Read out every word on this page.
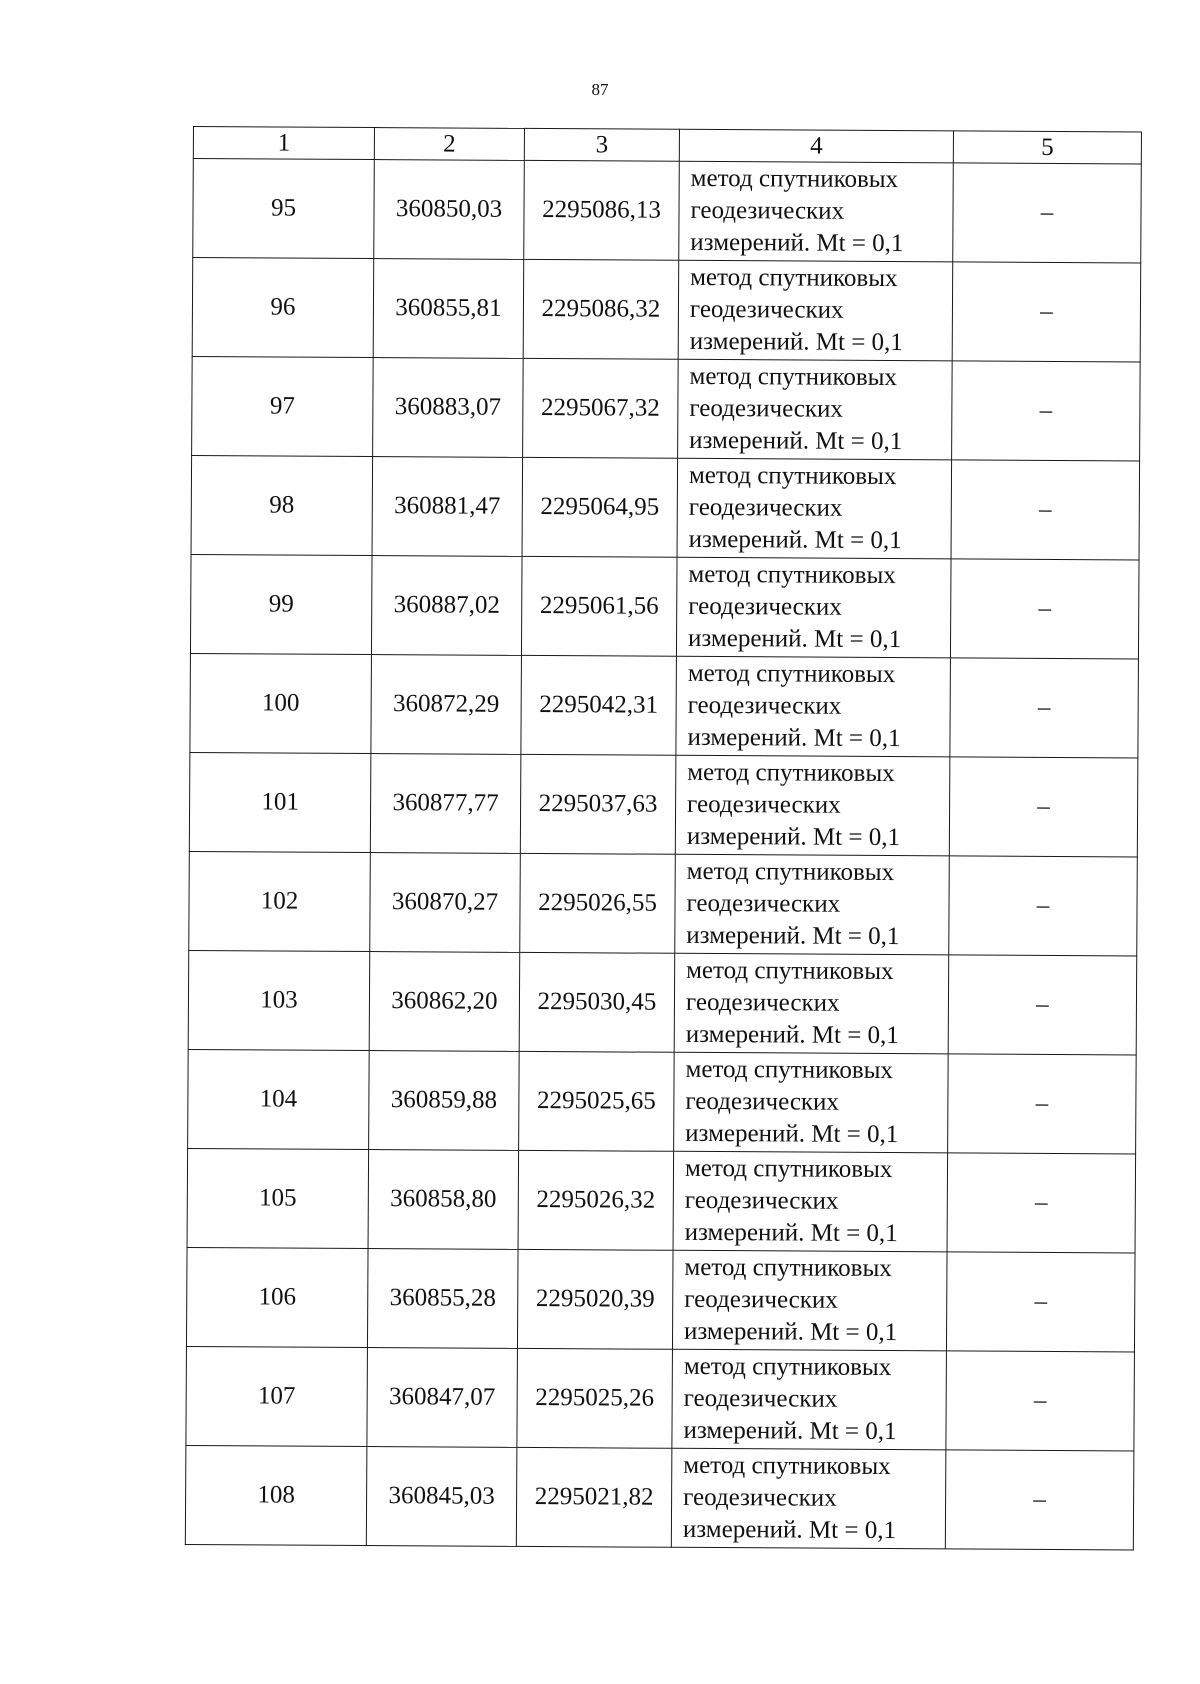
87
1	2	3	4	5
95	360850,03	2295086,13	метод спутниковых
геодезических
измерений. Mt = 0,1	–
96	360855,81	2295086,32	метод спутниковых
геодезических
измерений. Mt = 0,1	–
97	360883,07	2295067,32	метод спутниковых
геодезических
измерений. Mt = 0,1	–
98	360881,47	2295064,95	метод спутниковых
геодезических
измерений. Mt = 0,1	–
99	360887,02	2295061,56	метод спутниковых
геодезических
измерений. Mt = 0,1	–
100	360872,29	2295042,31	метод спутниковых
геодезических
измерений. Mt = 0,1	–
101	360877,77	2295037,63	метод спутниковых
геодезических
измерений. Mt = 0,1	–
102	360870,27	2295026,55	метод спутниковых
геодезических
измерений. Mt = 0,1	–
103	360862,20	2295030,45	метод спутниковых
геодезических
измерений. Mt = 0,1	–
104	360859,88	2295025,65	метод спутниковых
геодезических
измерений. Mt = 0,1	–
105	360858,80	2295026,32	метод спутниковых
геодезических
измерений. Mt = 0,1	–
106	360855,28	2295020,39	метод спутниковых
геодезических
измерений. Mt = 0,1	–
107	360847,07	2295025,26	метод спутниковых
геодезических
измерений. Mt = 0,1	–
108	360845,03	2295021,82	метод спутниковых
геодезических
измерений. Mt = 0,1	–
